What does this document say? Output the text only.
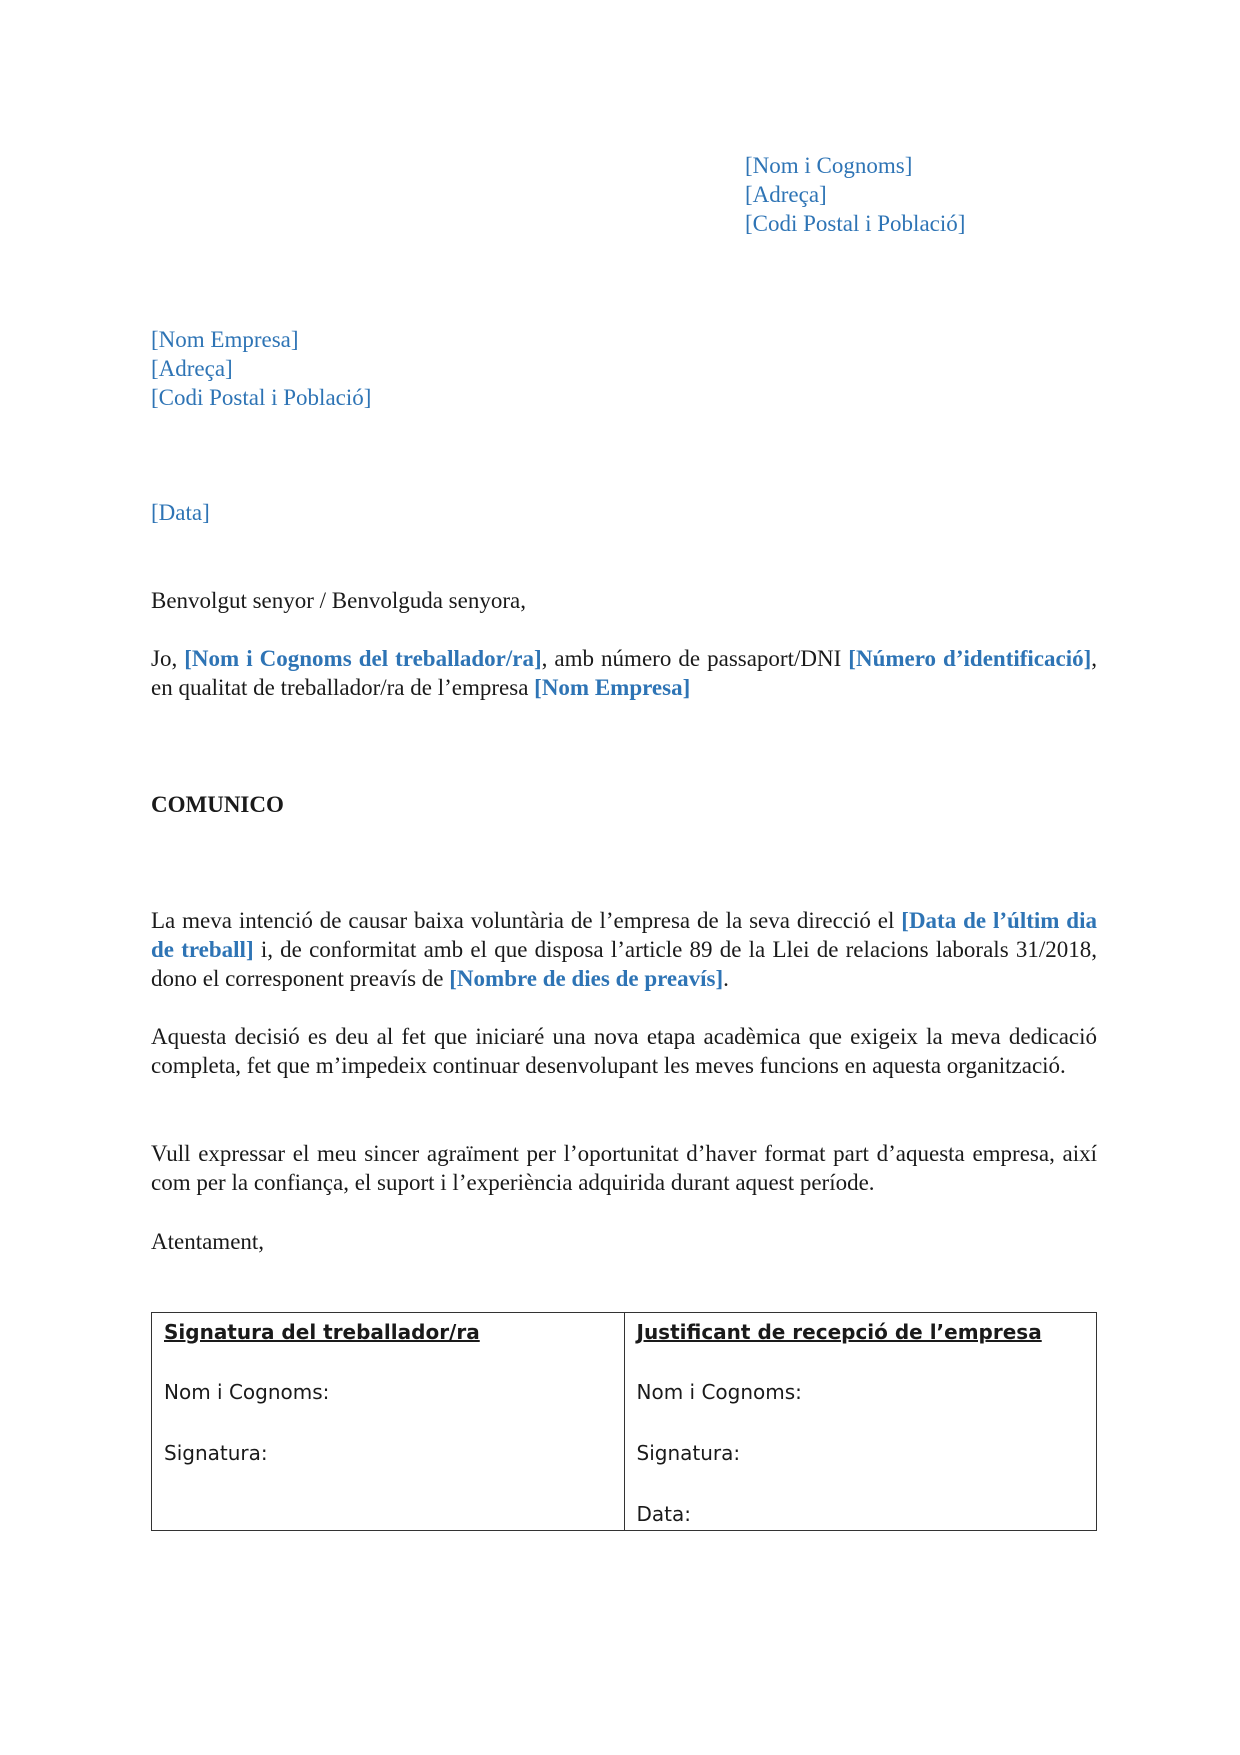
[Nom i Cognoms]
[Adreça]
[Codi Postal i Població]
[Nom Empresa]
[Adreça]
[Codi Postal i Població]
[Data]
Benvolgut senyor / Benvolguda senyora,
Jo, [Nom i Cognoms del treballador/ra], amb número de passaport/DNI [Número d’identificació], en qualitat de treballador/ra de l’empresa [Nom Empresa]
COMUNICO
La meva intenció de causar baixa voluntària de l’empresa de la seva direcció el [Data de l’últim dia de treball] i, de conformitat amb el que disposa l’article 89 de la Llei de relacions laborals 31/2018, dono el corresponent preavís de [Nombre de dies de preavís].
Aquesta decisió es deu al fet que iniciaré una nova etapa acadèmica que exigeix la meva dedicació completa, fet que m’impedeix continuar desenvolupant les meves funcions en aquesta organització.
Vull expressar el meu sincer agraïment per l’oportunitat d’haver format part d’aquesta empresa, així com per la confiança, el suport i l’experiència adquirida durant aquest període.
Atentament,
Signatura del treballador/ra
Nom i Cognoms:
Signatura:

Justificant de recepció de l’empresa
Nom i Cognoms:
Signatura:
Data:
